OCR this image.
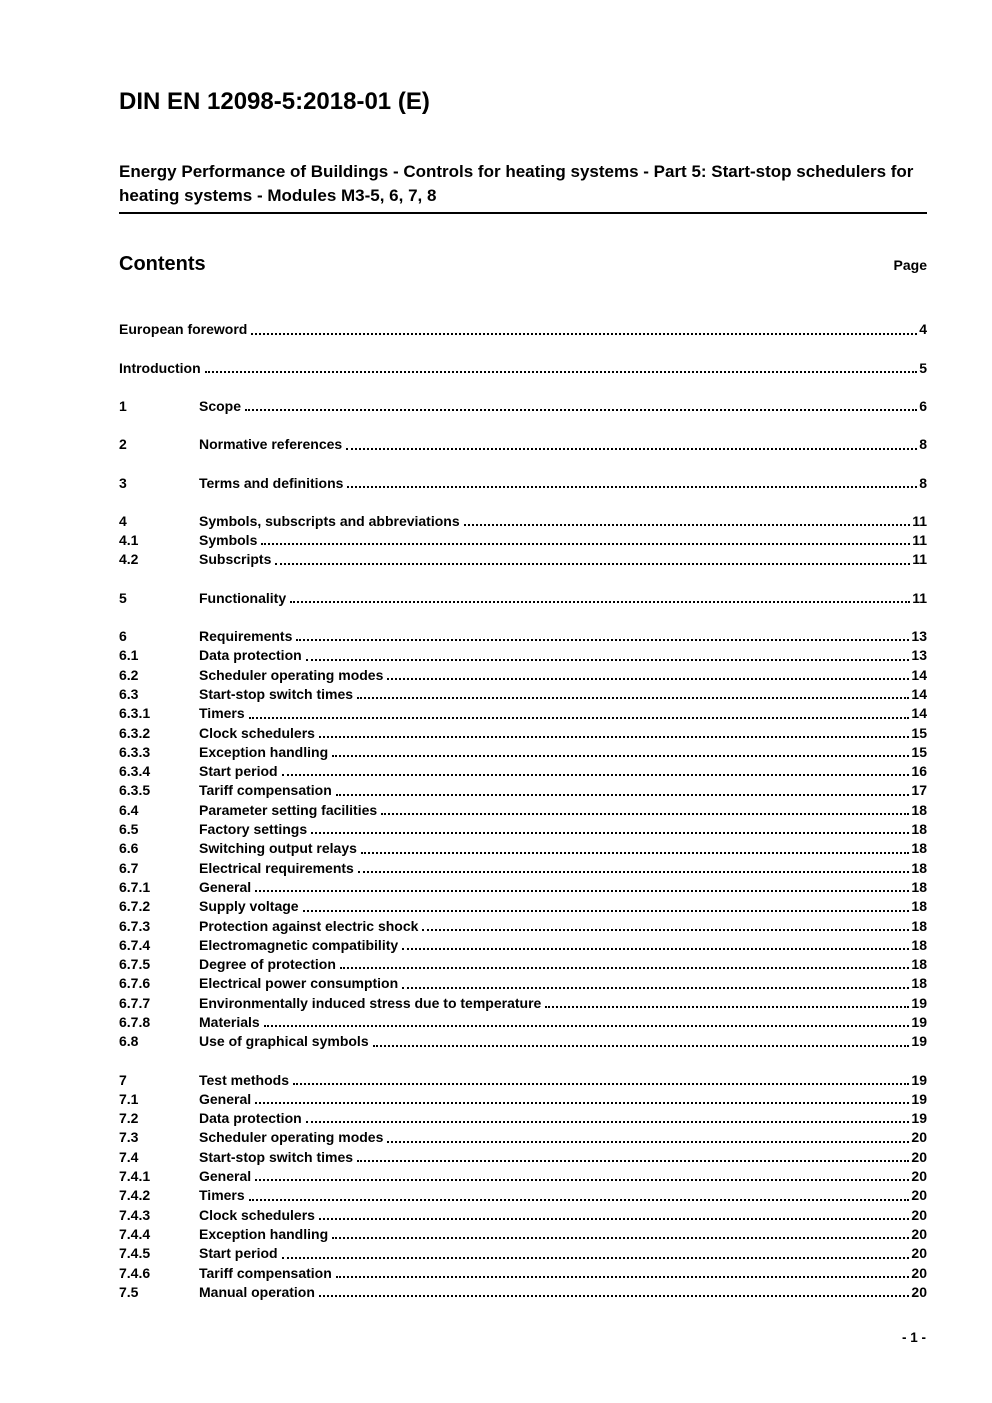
DIN EN 12098-5:2018-01 (E)
Energy Performance of Buildings - Controls for heating systems - Part 5: Start-stop schedulers for heating systems - Modules M3-5, 6, 7, 8
Contents	Page
European foreword	4
Introduction	5
1	Scope	6
2	Normative references	8
3	Terms and definitions	8
4	Symbols, subscripts and abbreviations	11
4.1	Symbols	11
4.2	Subscripts	11
5	Functionality	11
6	Requirements	13
6.1	Data protection	13
6.2	Scheduler operating modes	14
6.3	Start-stop switch times	14
6.3.1	Timers	14
6.3.2	Clock schedulers	15
6.3.3	Exception handling	15
6.3.4	Start period	16
6.3.5	Tariff compensation	17
6.4	Parameter setting facilities	18
6.5	Factory settings	18
6.6	Switching output relays	18
6.7	Electrical requirements	18
6.7.1	General	18
6.7.2	Supply voltage	18
6.7.3	Protection against electric shock	18
6.7.4	Electromagnetic compatibility	18
6.7.5	Degree of protection	18
6.7.6	Electrical power consumption	18
6.7.7	Environmentally induced stress due to temperature	19
6.7.8	Materials	19
6.8	Use of graphical symbols	19
7	Test methods	19
7.1	General	19
7.2	Data protection	19
7.3	Scheduler operating modes	20
7.4	Start-stop switch times	20
7.4.1	General	20
7.4.2	Timers	20
7.4.3	Clock schedulers	20
7.4.4	Exception handling	20
7.4.5	Start period	20
7.4.6	Tariff compensation	20
7.5	Manual operation	20
- 1 -
